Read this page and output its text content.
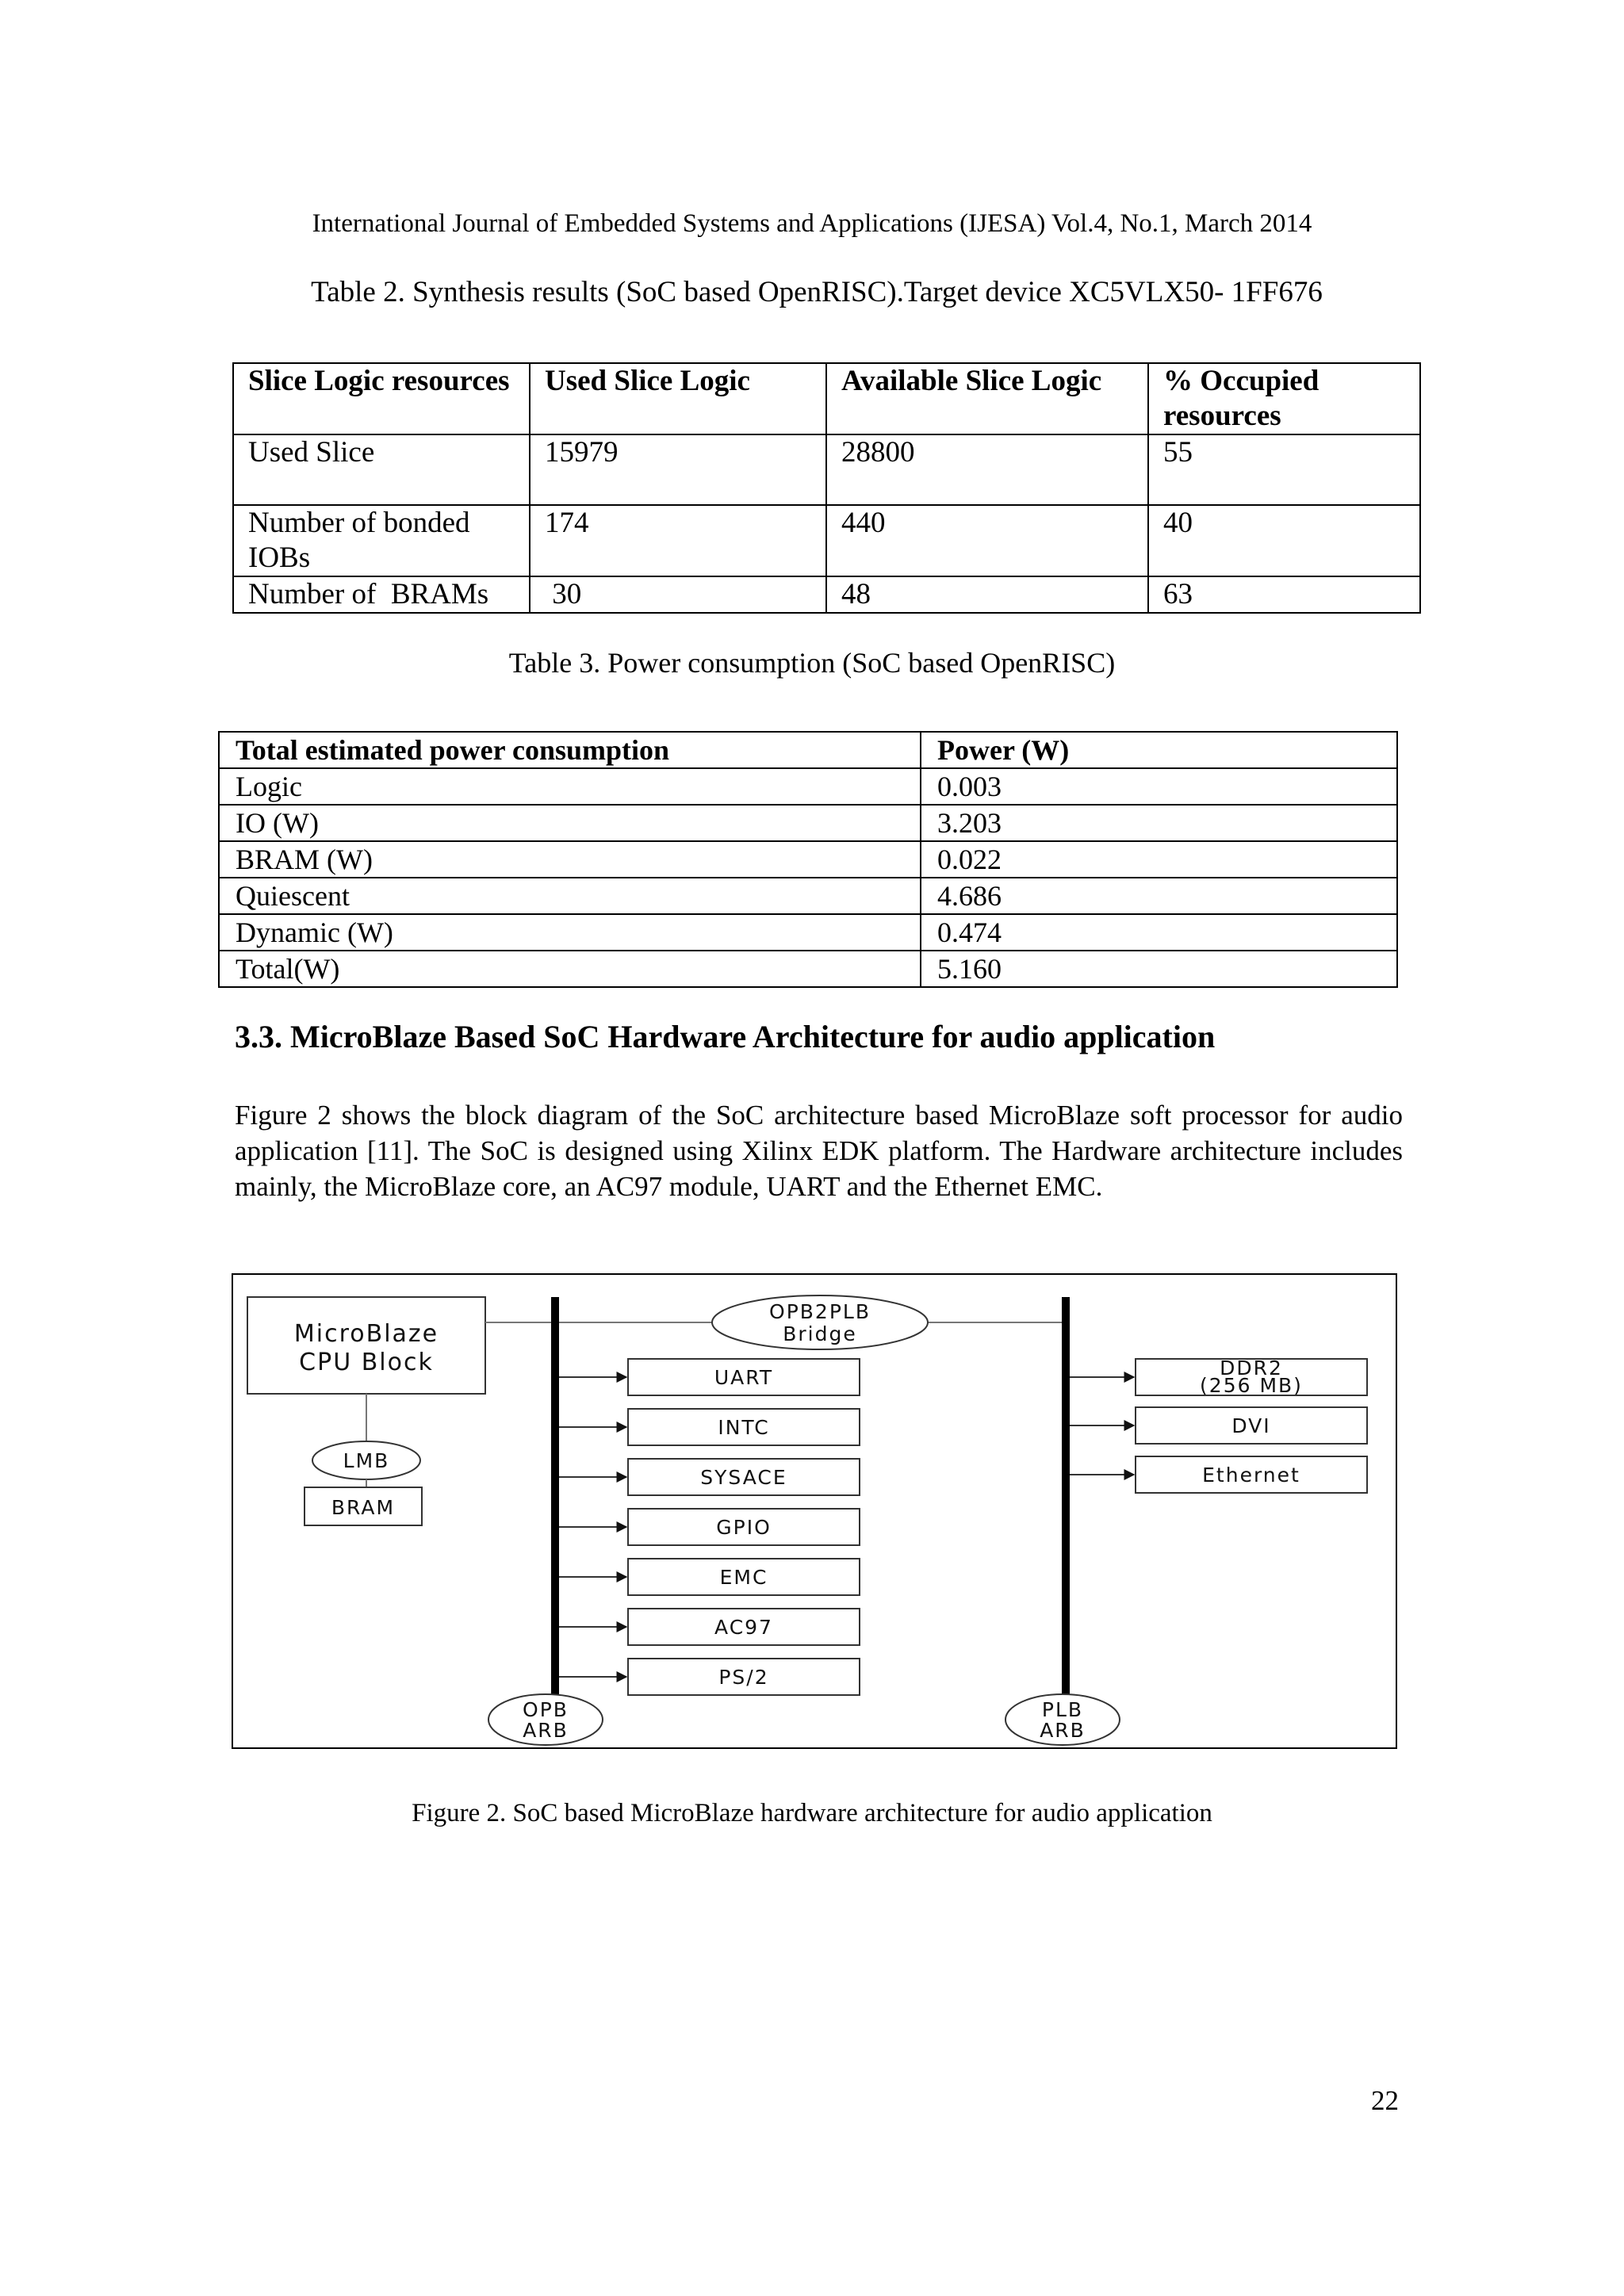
International Journal of Embedded Systems and Applications (IJESA) Vol.4, No.1, March 2014
Table 2. Synthesis results (SoC based OpenRISC).Target device XC5VLX50- 1FF676
Slice Logic resources	Used Slice Logic	Available Slice Logic	% Occupied resources
Used Slice	15979	28800	55
Number of bonded IOBs	174	440	40
Number of  BRAMs	30	48	63
Table 3. Power consumption (SoC based OpenRISC)
Total estimated power consumption	Power (W)
Logic	0.003
IO (W)	3.203
BRAM (W)	0.022
Quiescent	4.686
Dynamic (W)	0.474
Total(W)	5.160
3.3. MicroBlaze Based SoC Hardware Architecture for audio application
Figure 2 shows the block diagram of the SoC architecture based MicroBlaze soft processor for audio application [11]. The SoC is designed using Xilinx EDK platform. The Hardware architecture includes mainly, the MicroBlaze core, an AC97 module, UART and the Ethernet EMC.
MicroBlaze
CPU Block
LMB
BRAM
OPB2PLB
Bridge
UART
INTC
SYSACE
GPIO
EMC
AC97
PS/2
DDR2
(256 MB)
DVI
Ethernet
OPB
ARB
PLB
ARB
Figure 2. SoC based MicroBlaze hardware architecture for audio application
22
